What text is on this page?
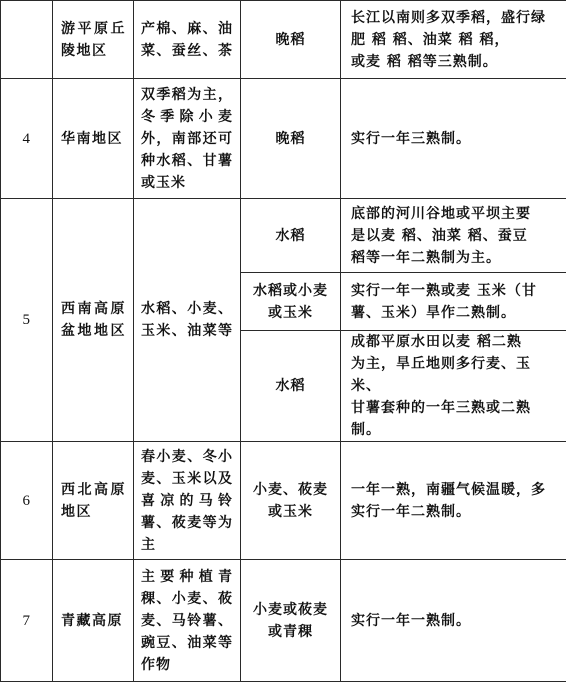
	游平原丘
陵地区	产棉、麻、油
菜、蚕丝、茶	晚稻	长江以南则多双季稻，盛行绿
肥 稻 稻、油菜 稻 稻，
或麦 稻 稻等三熟制。

4	华南地区	双季稻为主，
冬季除小麦
外，南部还可
种水稻、甘薯
或玉米	晚稻	实行一年三熟制。

5	西南高原
盆地地区	水稻、小麦、
玉米、油菜等	水稻	底部的河川谷地或平坝主要
是以麦 稻、油菜 稻、蚕豆
稻等一年二熟制为主。

			水稻或小麦
或玉米	实行一年一熟或麦 玉米（甘
薯、玉米）旱作二熟制。

			水稻	成都平原水田以麦 稻二熟
为主，旱丘地则多行麦、玉米、
甘薯套种的一年三熟或二熟
制。

6	西北高原
地区	春小麦、冬小
麦、玉米以及
喜凉的马铃
薯、莜麦等为
主	小麦、莜麦
或玉米	一年一熟，南疆气候温暖，多
实行一年二熟制。

7	青藏高原	主要种植青
稞、小麦、莜
麦、马铃薯、
豌豆、油菜等
作物	小麦或莜麦
或青稞	实行一年一熟制。
